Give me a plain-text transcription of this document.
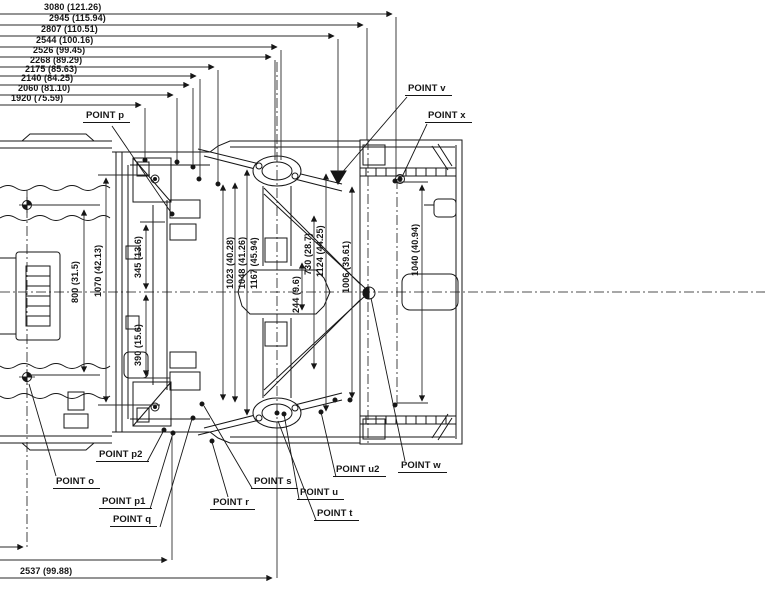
3080 (121.26)
2945 (115.94)
2807 (110.51)
2544 (100.16)
2526 (99.45)
2268 (89.29)
2175 (85.63)
2140 (84.25)
2060 (81.10)
1920 (75.59)
800 (31.5) 1070 (42.13)	345 (13.6)
390 (15.6)
1023 (40.28) 1048 (41.26) 1167 (45.94)
244 (9.6)
730 (28.7) 1124 (44.25) 1006 (39.61)	1040 (40.94)
2537 (99.88)
POINT p
POINT v
POINT x
POINT p2
POINT o
POINT p1
POINT q
POINT s
POINT r
POINT u2
POINT u
POINT t
POINT w
